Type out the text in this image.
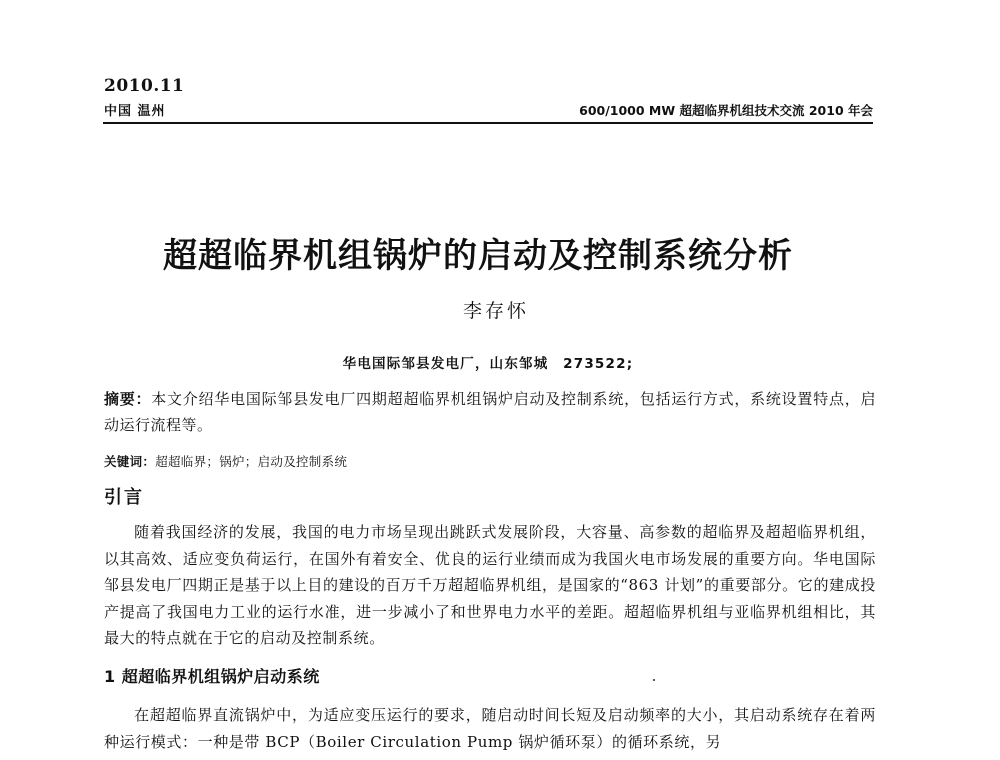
2010.11
中国 温州	600/1000 MW 超超临界机组技术交流 2010 年会
超超临界机组锅炉的启动及控制系统分析
李存怀
华电国际邹县发电厂，山东邹城　273522;
摘要：本文介绍华电国际邹县发电厂四期超超临界机组锅炉启动及控制系统，包括运行方式，系统设置特点，启动运行流程等。
关键词：超超临界；锅炉；启动及控制系统
引言
随着我国经济的发展，我国的电力市场呈现出跳跃式发展阶段，大容量、高参数的超临界及超超临界机组，以其高效、适应变负荷运行，在国外有着安全、优良的运行业绩而成为我国火电市场发展的重要方向。华电国际邹县发电厂四期正是基于以上目的建设的百万千万超超临界机组，是国家的“863 计划”的重要部分。它的建成投产提高了我国电力工业的运行水准，进一步减小了和世界电力水平的差距。超超临界机组与亚临界机组相比，其最大的特点就在于它的启动及控制系统。
1 超超临界机组锅炉启动系统
在超超临界直流锅炉中，为适应变压运行的要求，随启动时间长短及启动频率的大小，其启动系统存在着两种运行模式：一种是带 BCP（Boiler Circulation Pump 锅炉循环泵）的循环系统，另
